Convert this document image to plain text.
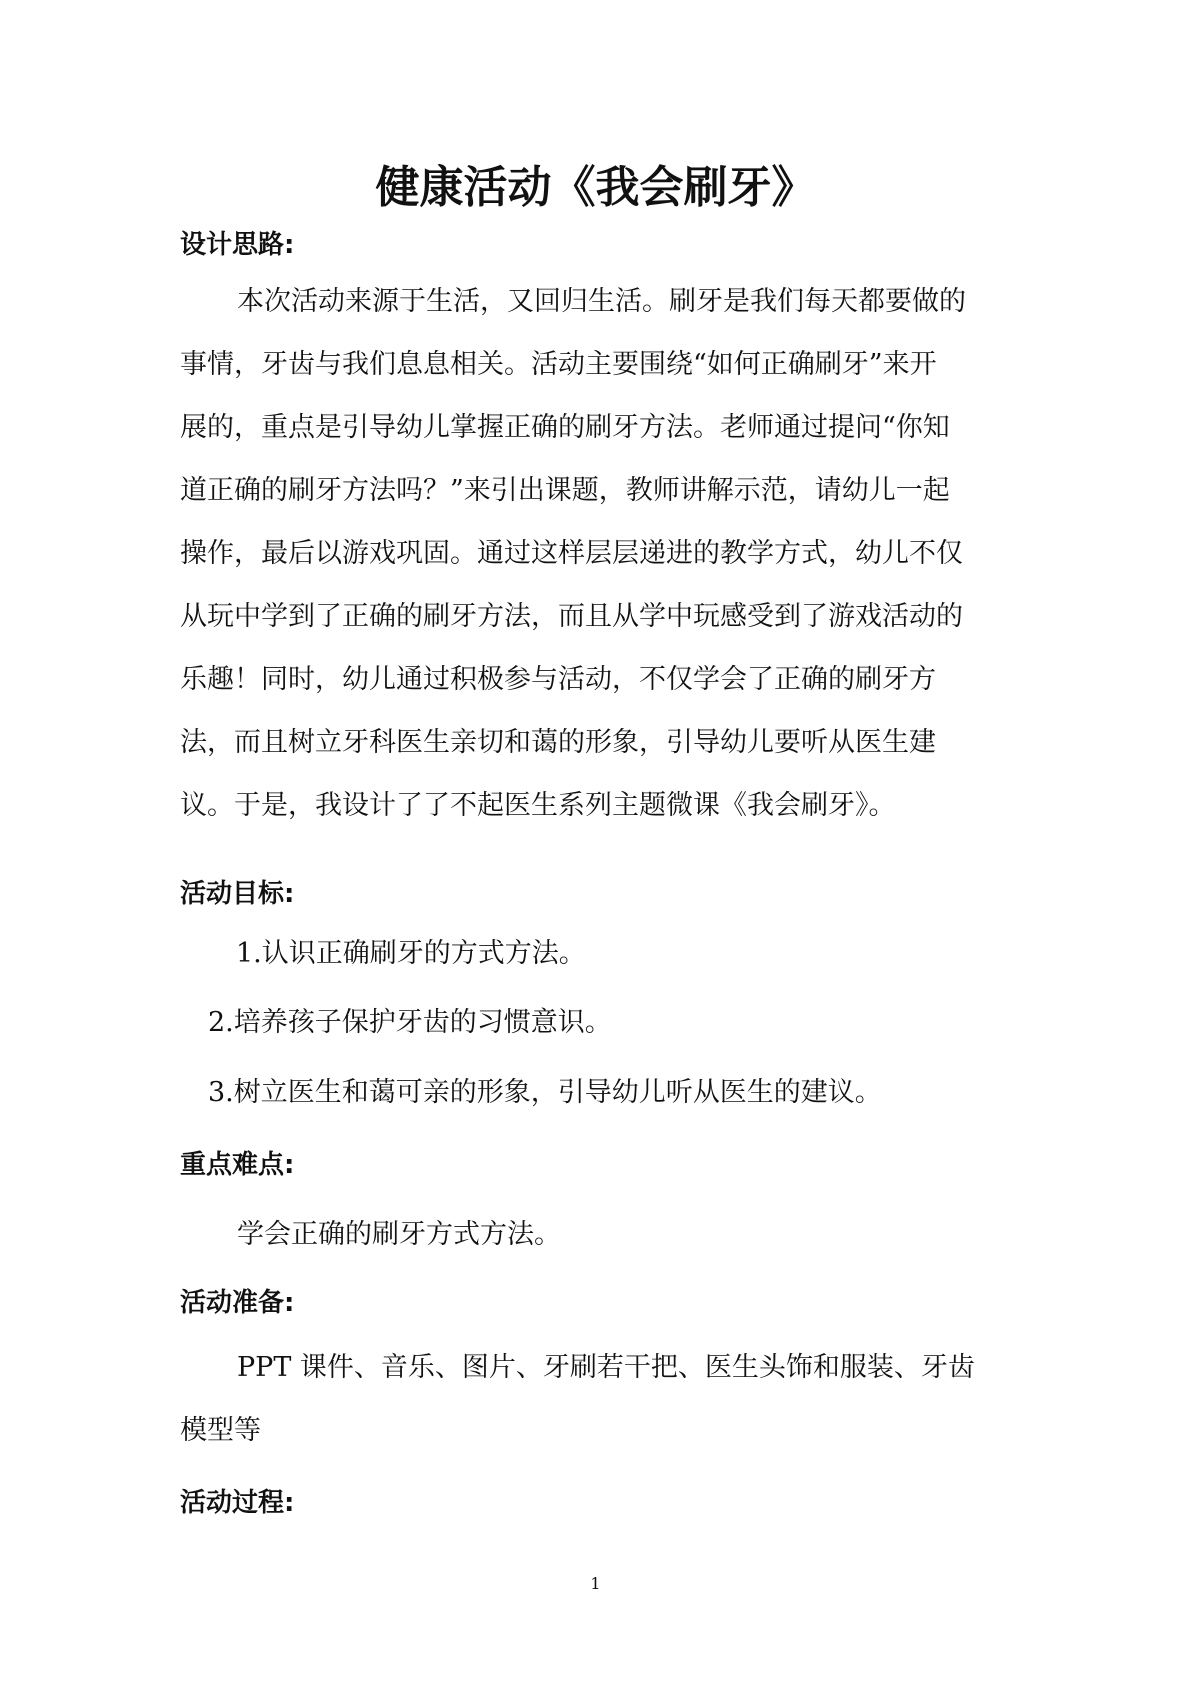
健康活动《我会刷牙》
设计思路:
本次活动来源于生活，又回归生活。刷牙是我们每天都要做的
事情，牙齿与我们息息相关。活动主要围绕“如何正确刷牙”来开
展的，重点是引导幼儿掌握正确的刷牙方法。老师通过提问“你知
道正确的刷牙方法吗？”来引出课题，教师讲解示范，请幼儿一起
操作，最后以游戏巩固。通过这样层层递进的教学方式，幼儿不仅
从玩中学到了正确的刷牙方法，而且从学中玩感受到了游戏活动的
乐趣！同时，幼儿通过积极参与活动，不仅学会了正确的刷牙方
法，而且树立牙科医生亲切和蔼的形象，引导幼儿要听从医生建
议。于是，我设计了了不起医生系列主题微课《我会刷牙》。
活动目标:

1.认识正确刷牙的方式方法。

2.培养孩子保护牙齿的习惯意识。

3.树立医生和蔼可亲的形象，引导幼儿听从医生的建议。

重点难点:

学会正确的刷牙方式方法。

活动准备:
PPT 课件、音乐、图片、牙刷若干把、医生头饰和服装、牙齿
模型等
活动过程:
1
